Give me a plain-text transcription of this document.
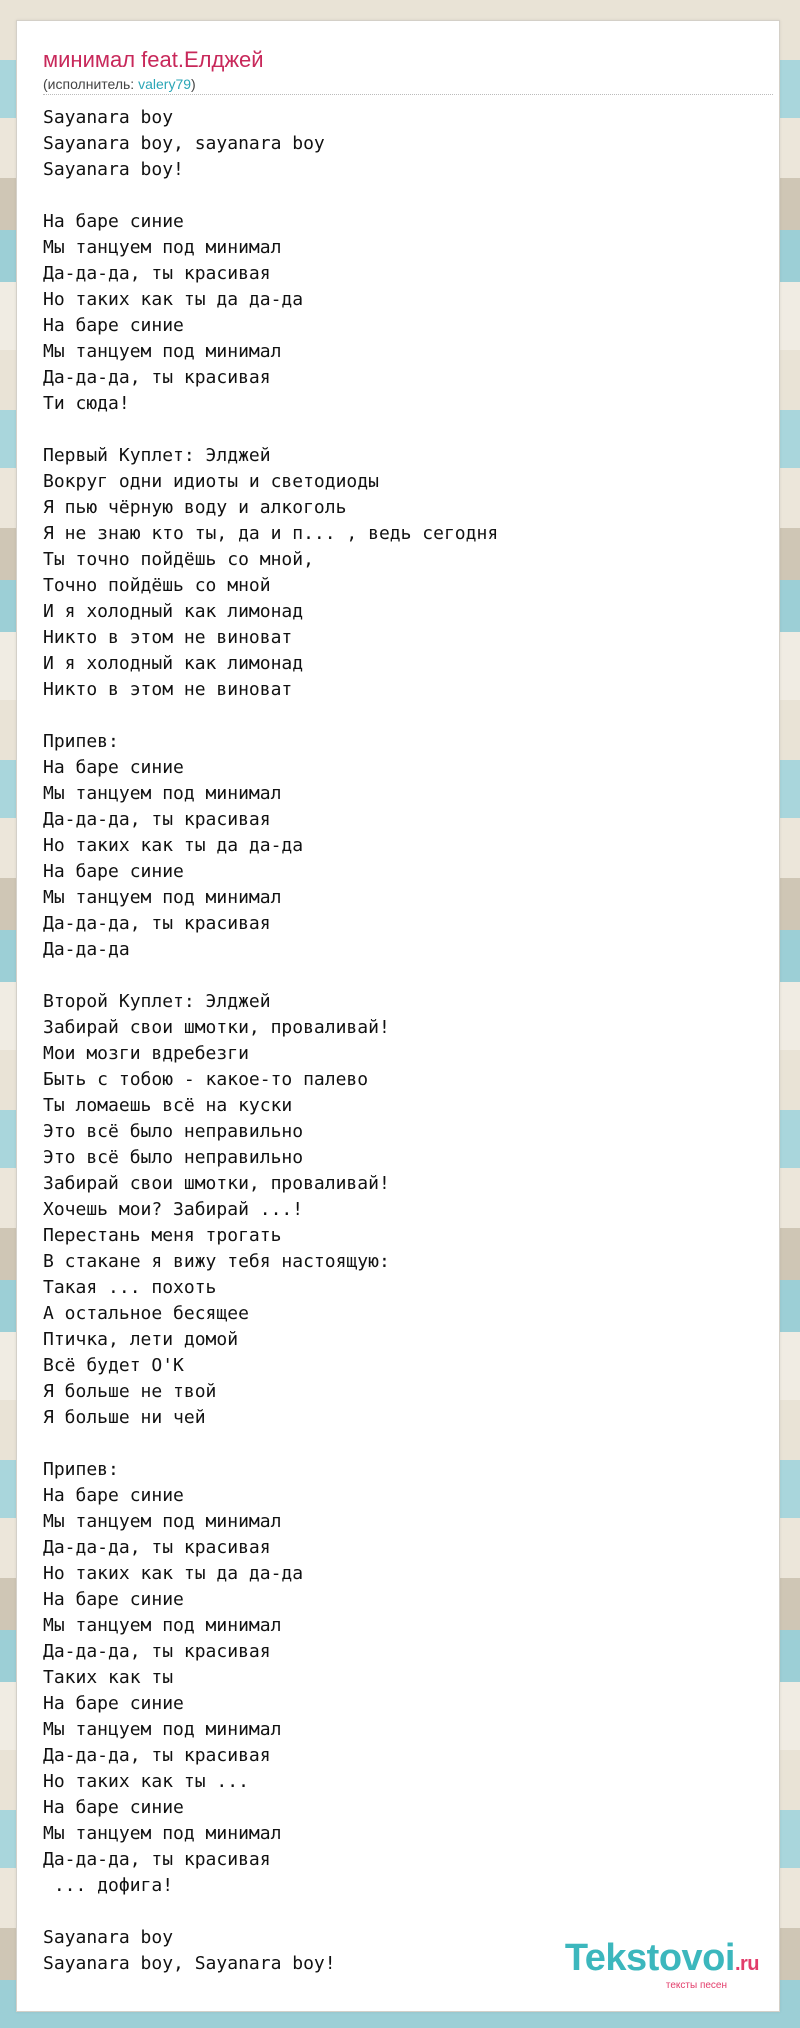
минимал feat.Елджей
(исполнитель: valery79)
Sayanara boy
Sayanara boy, sayanara boy
Sayanara boy!

На баре синие
Мы танцуем под минимал
Да-да-да, ты красивая
Но таких как ты да да-да
На баре синие
Мы танцуем под минимал
Да-да-да, ты красивая
Ти сюда!

Первый Куплет: Элджей
Вокруг одни идиоты и светодиоды
Я пью чёрную воду и алкоголь
Я не знаю кто ты, да и п... , ведь сегодня
Ты точно пойдёшь со мной,
Точно пойдёшь со мной
И я холодный как лимонад
Никто в этом не виноват
И я холодный как лимонад
Никто в этом не виноват

Припев:
На баре синие
Мы танцуем под минимал
Да-да-да, ты красивая
Но таких как ты да да-да
На баре синие
Мы танцуем под минимал
Да-да-да, ты красивая
Да-да-да

Второй Куплет: Элджей
Забирай свои шмотки, проваливай!
Мои мозги вдребезги
Быть с тобою - какое-то палево
Ты ломаешь всё на куски
Это всё было неправильно
Это всё было неправильно
Забирай свои шмотки, проваливай!
Хочешь мои? Забирай ...!
Перестань меня трогать
В стакане я вижу тебя настоящую:
Такая ... похоть
А остальное бесящее
Птичка, лети домой
Всё будет О'К
Я больше не твой
Я больше ни чей

Припев:
На баре синие
Мы танцуем под минимал
Да-да-да, ты красивая
Но таких как ты да да-да
На баре синие
Мы танцуем под минимал
Да-да-да, ты красивая
Таких как ты
На баре синие
Мы танцуем под минимал
Да-да-да, ты красивая
Но таких как ты ...
На баре синие
Мы танцуем под минимал
Да-да-да, ты красивая
... дофига!

Sayanara boy
Sayanara boy, Sayanara boy!	Tekstovoi.ru
тексты песен
